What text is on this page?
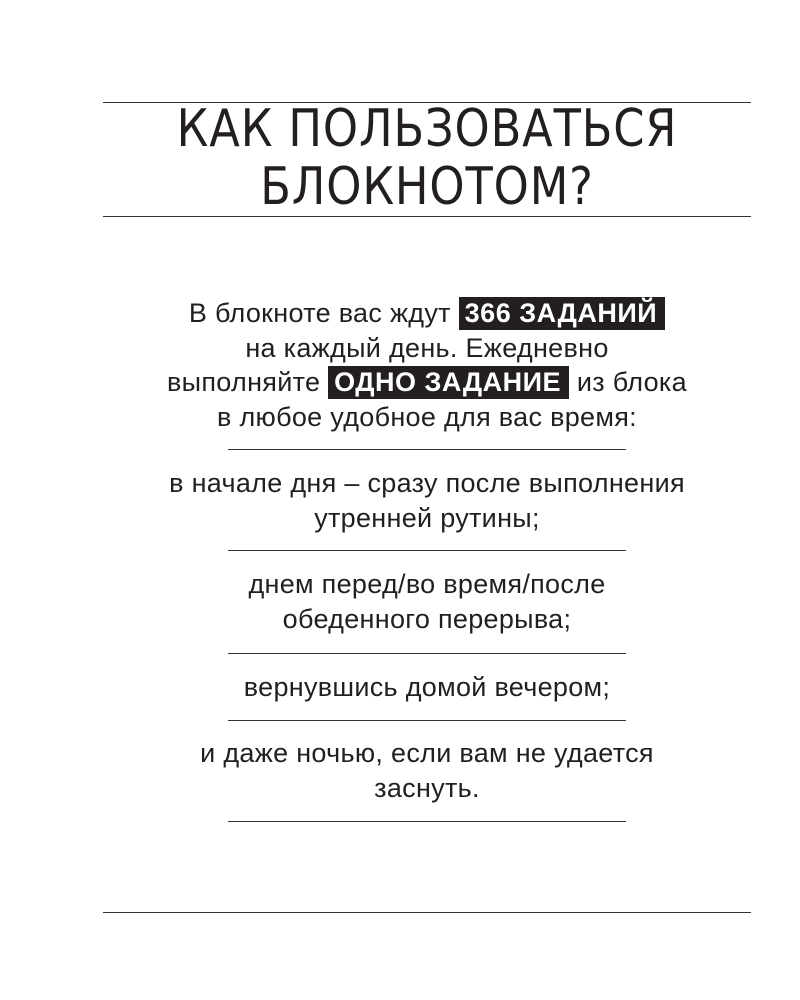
КАК ПОЛЬЗОВАТЬСЯ
БЛОКНОТОМ?

В блокноте вас ждут 366 ЗАДАНИЙ
на каждый день. Ежедневно
выполняйте ОДНО ЗАДАНИЕ из блока
в любое удобное для вас время:

в начале дня – сразу после выполнения
утренней рутины;

днем перед/во время/после
обеденного перерыва;

вернувшись домой вечером;

и даже ночью, если вам не удается
заснуть.
